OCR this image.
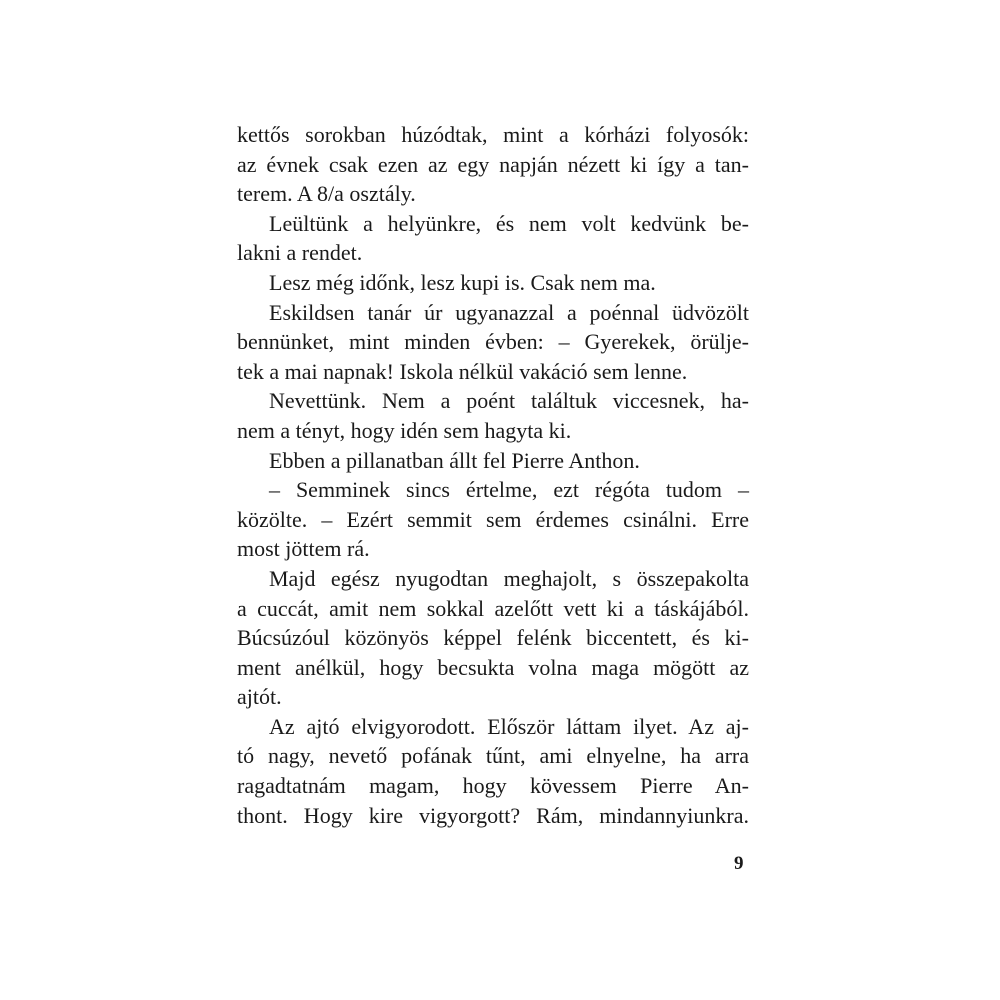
kettős sorokban húzódtak, mint a kórházi folyosók:
az évnek csak ezen az egy napján nézett ki így a tan-
terem. A 8/a osztály.
Leültünk a helyünkre, és nem volt kedvünk be-
lakni a rendet.
Lesz még időnk, lesz kupi is. Csak nem ma.
Eskildsen tanár úr ugyanazzal a poénnal üdvözölt
bennünket, mint minden évben: – Gyerekek, örülje-
tek a mai napnak! Iskola nélkül vakáció sem lenne.
Nevettünk. Nem a poént találtuk viccesnek, ha-
nem a tényt, hogy idén sem hagyta ki.
Ebben a pillanatban állt fel Pierre Anthon.
– Semminek sincs értelme, ezt régóta tudom –
közölte. – Ezért semmit sem érdemes csinálni. Erre
most jöttem rá.
Majd egész nyugodtan meghajolt, s összepakolta
a cuccát, amit nem sokkal azelőtt vett ki a táskájából.
Búcsúzóul közönyös képpel felénk biccentett, és ki-
ment anélkül, hogy becsukta volna maga mögött az
ajtót.
Az ajtó elvigyorodott. Először láttam ilyet. Az aj-
tó nagy, nevető pofának tűnt, ami elnyelne, ha arra
ragadtatnám magam, hogy kövessem Pierre An-
thont. Hogy kire vigyorgott? Rám, mindannyiunkra.
9
